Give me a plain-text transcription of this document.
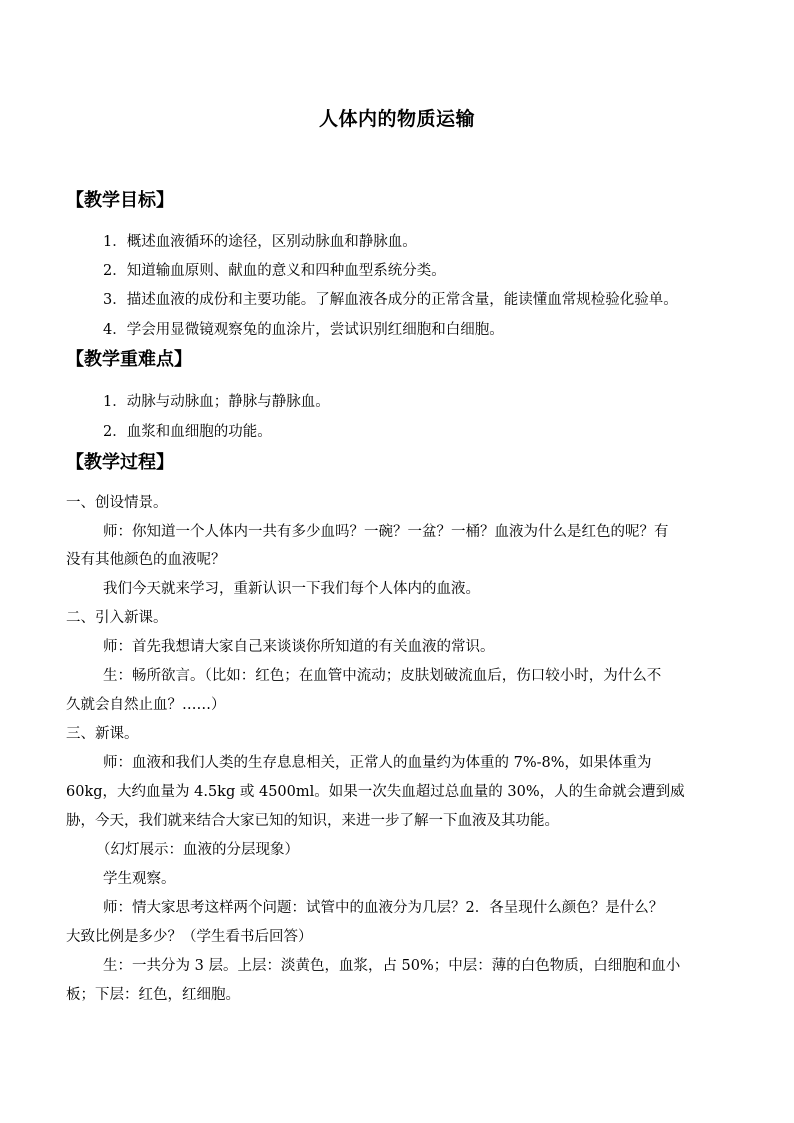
人体内的物质运输
【教学目标】
1．概述血液循环的途径，区别动脉血和静脉血。
2．知道输血原则、献血的意义和四种血型系统分类。
3．描述血液的成份和主要功能。了解血液各成分的正常含量，能读懂血常规检验化验单。
4．学会用显微镜观察兔的血涂片，尝试识别红细胞和白细胞。
【教学重难点】
1．动脉与动脉血；静脉与静脉血。
2．血浆和血细胞的功能。
【教学过程】
一、创设情景。
师：你知道一个人体内一共有多少血吗？一碗？一盆？一桶？血液为什么是红色的呢？有
没有其他颜色的血液呢？
我们今天就来学习，重新认识一下我们每个人体内的血液。
二、引入新课。
师：首先我想请大家自己来谈谈你所知道的有关血液的常识。
生：畅所欲言。（比如：红色；在血管中流动；皮肤划破流血后，伤口较小时，为什么不
久就会自然止血？……）
三、新课。
师：血液和我们人类的生存息息相关，正常人的血量约为体重的 7%-8%，如果体重为
60kg，大约血量为 4.5kg 或 4500ml。如果一次失血超过总血量的 30%，人的生命就会遭到威
胁，今天，我们就来结合大家已知的知识，来进一步了解一下血液及其功能。
（幻灯展示：血液的分层现象）
学生观察。
师：情大家思考这样两个问题：试管中的血液分为几层？2．各呈现什么颜色？是什么？
大致比例是多少？（学生看书后回答）
生：一共分为 3 层。上层：淡黄色，血浆，占 50%；中层：薄的白色物质，白细胞和血小
板；下层：红色，红细胞。
